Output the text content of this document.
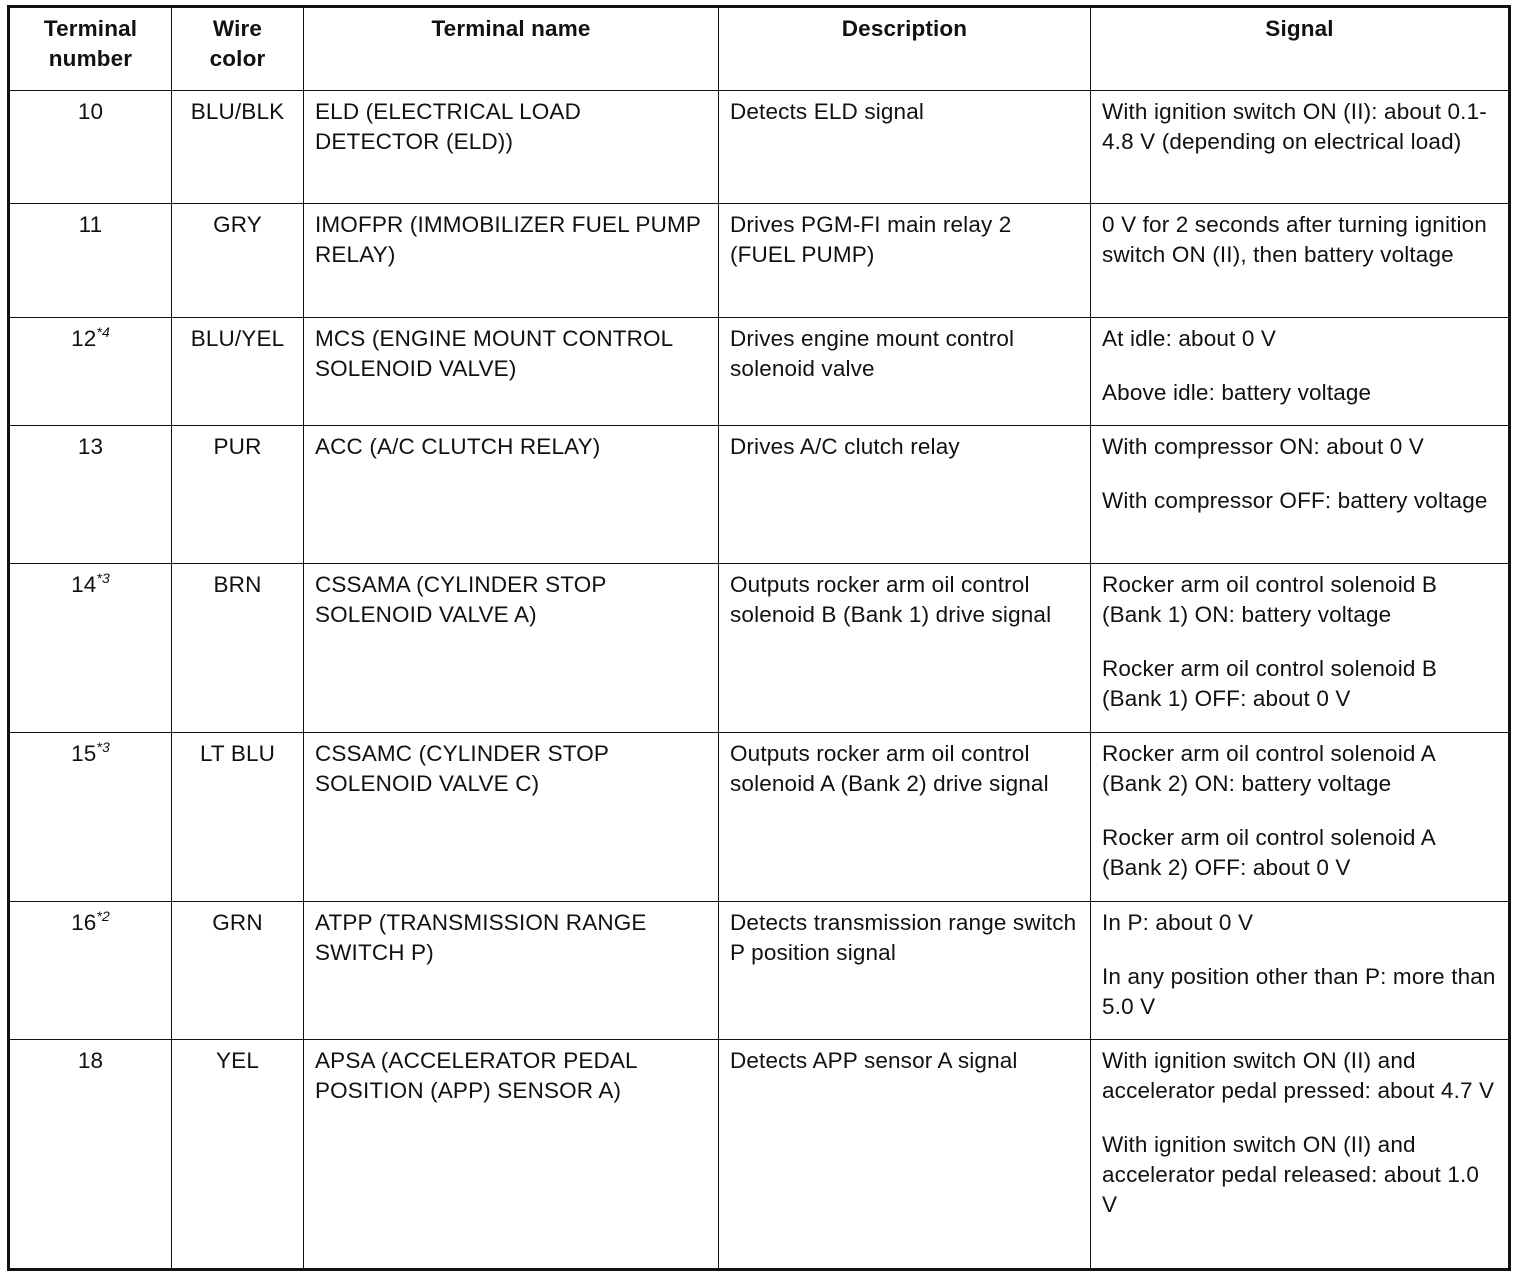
Terminal
number	Wire
color	Terminal name	Description	Signal
10	BLU/BLK	ELD (ELECTRICAL LOAD DETECTOR (ELD))	Detects ELD signal	With ignition switch ON (II): about 0.1-4.8 V (depending on electrical load)

11	GRY	IMOFPR (IMMOBILIZER FUEL PUMP RELAY)	Drives PGM-FI main relay 2 (FUEL PUMP)	0 V for 2 seconds after turning ignition switch ON (II), then battery voltage

12$^{*4}$	BLU/YEL	MCS (ENGINE MOUNT CONTROL SOLENOID VALVE)	Drives engine mount control solenoid valve	At idle: about 0 V
Above idle: battery voltage

13	PUR	ACC (A/C CLUTCH RELAY)	Drives A/C clutch relay	With compressor ON: about 0 V
With compressor OFF: battery voltage

14$^{*3}$	BRN	CSSAMA (CYLINDER STOP SOLENOID VALVE A)	Outputs rocker arm oil control solenoid B (Bank 1) drive signal	Rocker arm oil control solenoid B (Bank 1) ON: battery voltage
Rocker arm oil control solenoid B (Bank 1) OFF: about 0 V

15$^{*3}$	LT BLU	CSSAMC (CYLINDER STOP SOLENOID VALVE C)	Outputs rocker arm oil control solenoid A (Bank 2) drive signal	Rocker arm oil control solenoid A (Bank 2) ON: battery voltage
Rocker arm oil control solenoid A (Bank 2) OFF: about 0 V

16$^{*2}$	GRN	ATPP (TRANSMISSION RANGE SWITCH P)	Detects transmission range switch P position signal	In P: about 0 V
In any position other than P: more than 5.0 V

18	YEL	APSA (ACCELERATOR PEDAL POSITION (APP) SENSOR A)	Detects APP sensor A signal	With ignition switch ON (II) and accelerator pedal pressed: about 4.7 V
With ignition switch ON (II) and accelerator pedal released: about 1.0 V
